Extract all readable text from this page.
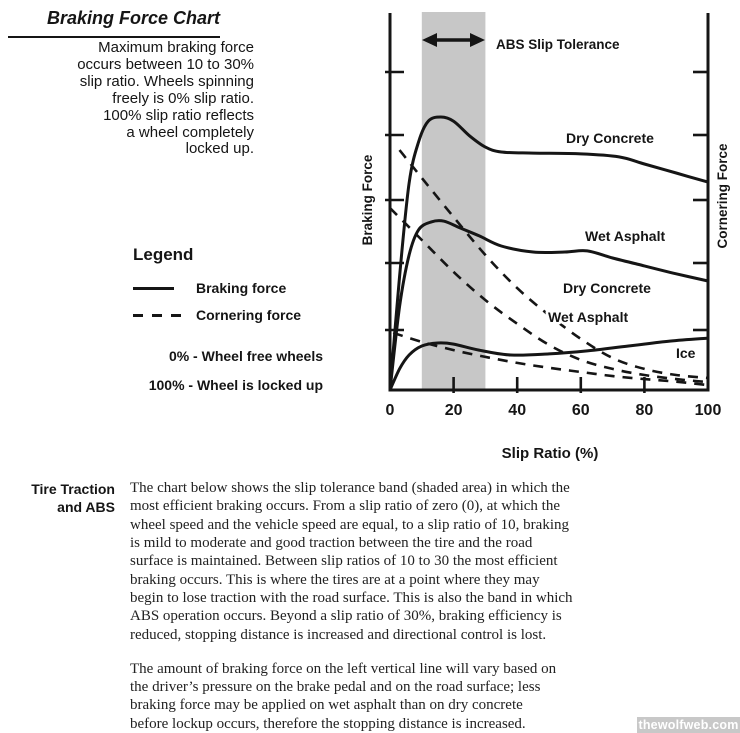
Braking Force Chart
Maximum braking force
occurs between 10 to 30%
slip ratio. Wheels spinning
freely is 0% slip ratio.
100% slip ratio reflects
a wheel completely
locked up.
Legend
Braking force
Cornering force
0% - Wheel free wheels
100% - Wheel is locked up
ABS Slip Tolerance
Dry Concrete
Wet Asphalt
Dry Concrete
Wet Asphalt
Ice
Braking Force	Cornering Force
Slip Ratio (%)
0	20	40	60	80	100
Tire Traction
and ABS
The chart below shows the slip tolerance band (shaded area) in which the
most efficient braking occurs. From a slip ratio of zero (0), at which the
wheel speed and the vehicle speed are equal, to a slip ratio of 10, braking
is mild to moderate and good traction between the tire and the road
surface is maintained. Between slip ratios of 10 to 30 the most efficient
braking occurs. This is where the tires are at a point where they may
begin to lose traction with the road surface. This is also the band in which
ABS operation occurs. Beyond a slip ratio of 30%, braking efficiency is
reduced, stopping distance is increased and directional control is lost.
The amount of braking force on the left vertical line will vary based on
the driver’s pressure on the brake pedal and on the road surface; less
braking force may be applied on wet asphalt than on dry concrete
before lockup occurs, therefore the stopping distance is increased.	thewolfweb.com
